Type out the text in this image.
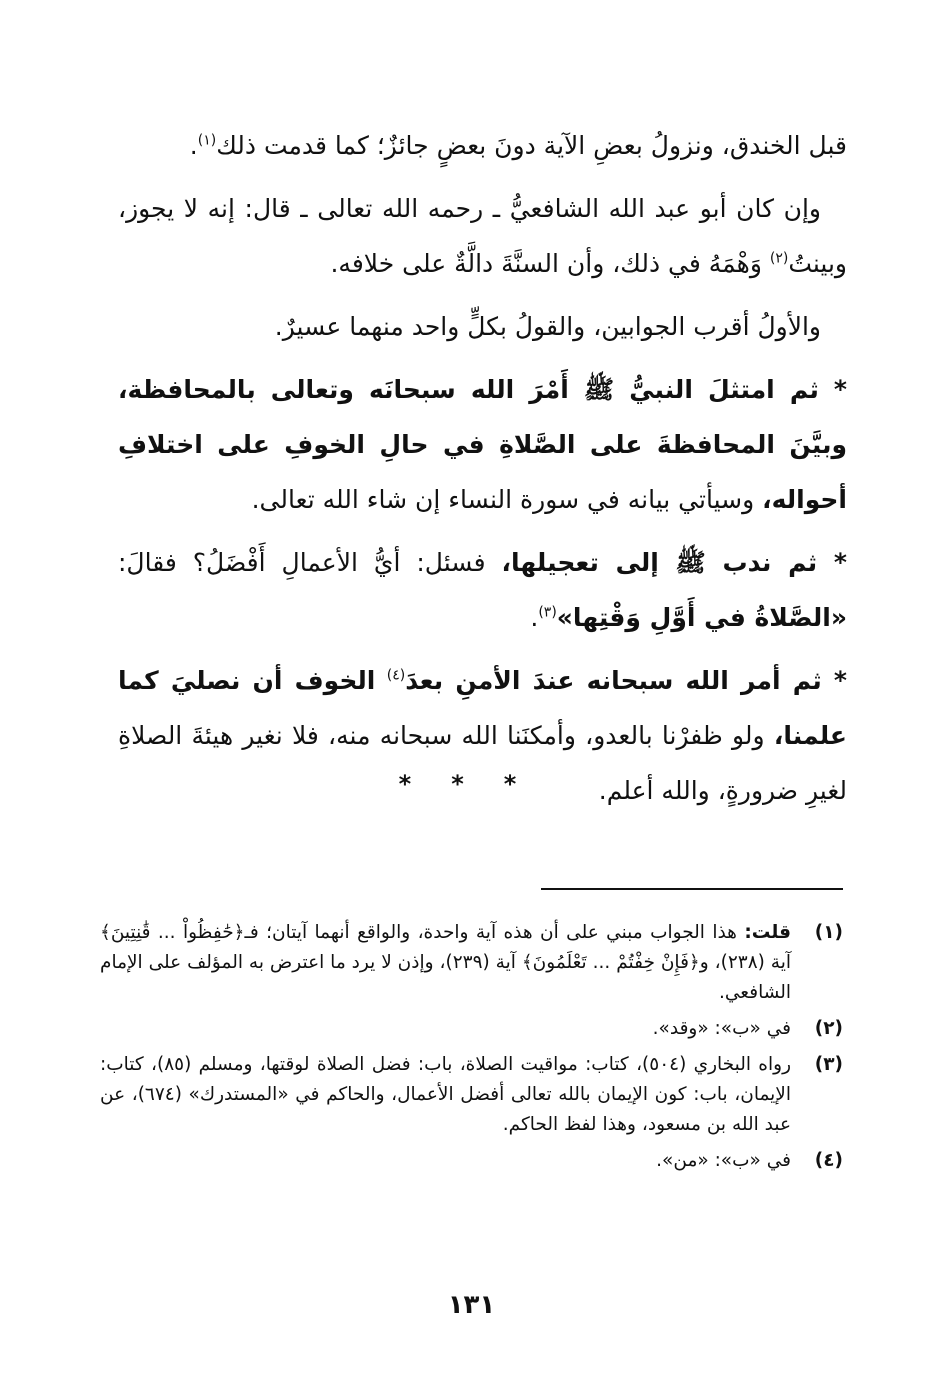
قبل الخندق، ونزولُ بعضِ الآية دونَ بعضٍ جائزٌ؛ كما قدمت ذلك$^{(١)}$.

وإن كان أبو عبد الله الشافعيُّ ـ رحمه الله تعالى ـ قال: إنه لا يجوز، وبينتُ$^{(٢)}$ وَهْمَهُ في ذلك، وأن السنَّةَ دالَّةٌ على خلافه.

والأولُ أقرب الجوابين، والقولُ بكلٍّ واحد منهما عسيرٌ.

* ثم امتثلَ النبيُّ ﷺ أَمْرَ الله سبحانَه وتعالى بالمحافظة، وبيَّنَ المحافظةَ على الصَّلاةِ في حالِ الخوفِ على اختلافِ أحواله، وسيأتي بيانه في سورة النساء إن شاء الله تعالى.

* ثم ندب ﷺ إلى تعجيلها، فسئل: أيُّ الأعمالِ أَفْضَلُ؟ فقالَ: «الصَّلاةُ في أَوَّلِ وَقْتِها»$^{(٣)}$.

* ثم أمر الله سبحانه عندَ الأمنِ بعدَ$^{(٤)}$ الخوف أن نصليَ كما علمنا، ولو ظفرْنا بالعدو، وأمكنَنا الله سبحانه منه، فلا نغير هيئةَ الصلاةِ لغيرِ ضرورةٍ، والله أعلم.

* * *
(١)
قلت: هذا الجواب مبني على أن هذه آية واحدة، والواقع أنهما آيتان؛ فـ﴿حَٰفِظُواْ ... قَٰنِتِينَ﴾ آية (٢٣٨)، و﴿فَإِنْ خِفْتُمْ ... تَعْلَمُونَ﴾ آية (٢٣٩)، وإذن لا يرد ما اعترض به المؤلف على الإمام الشافعي.
(٢)
في «ب»: «وقد».
(٣)
رواه البخاري (٥٠٤)، كتاب: مواقيت الصلاة، باب: فضل الصلاة لوقتها، ومسلم (٨٥)، كتاب: الإيمان، باب: كون الإيمان بالله تعالى أفضل الأعمال، والحاكم في «المستدرك» (٦٧٤)، عن عبد الله بن مسعود، وهذا لفظ الحاكم.
(٤)
في «ب»: «من».
١٣١
